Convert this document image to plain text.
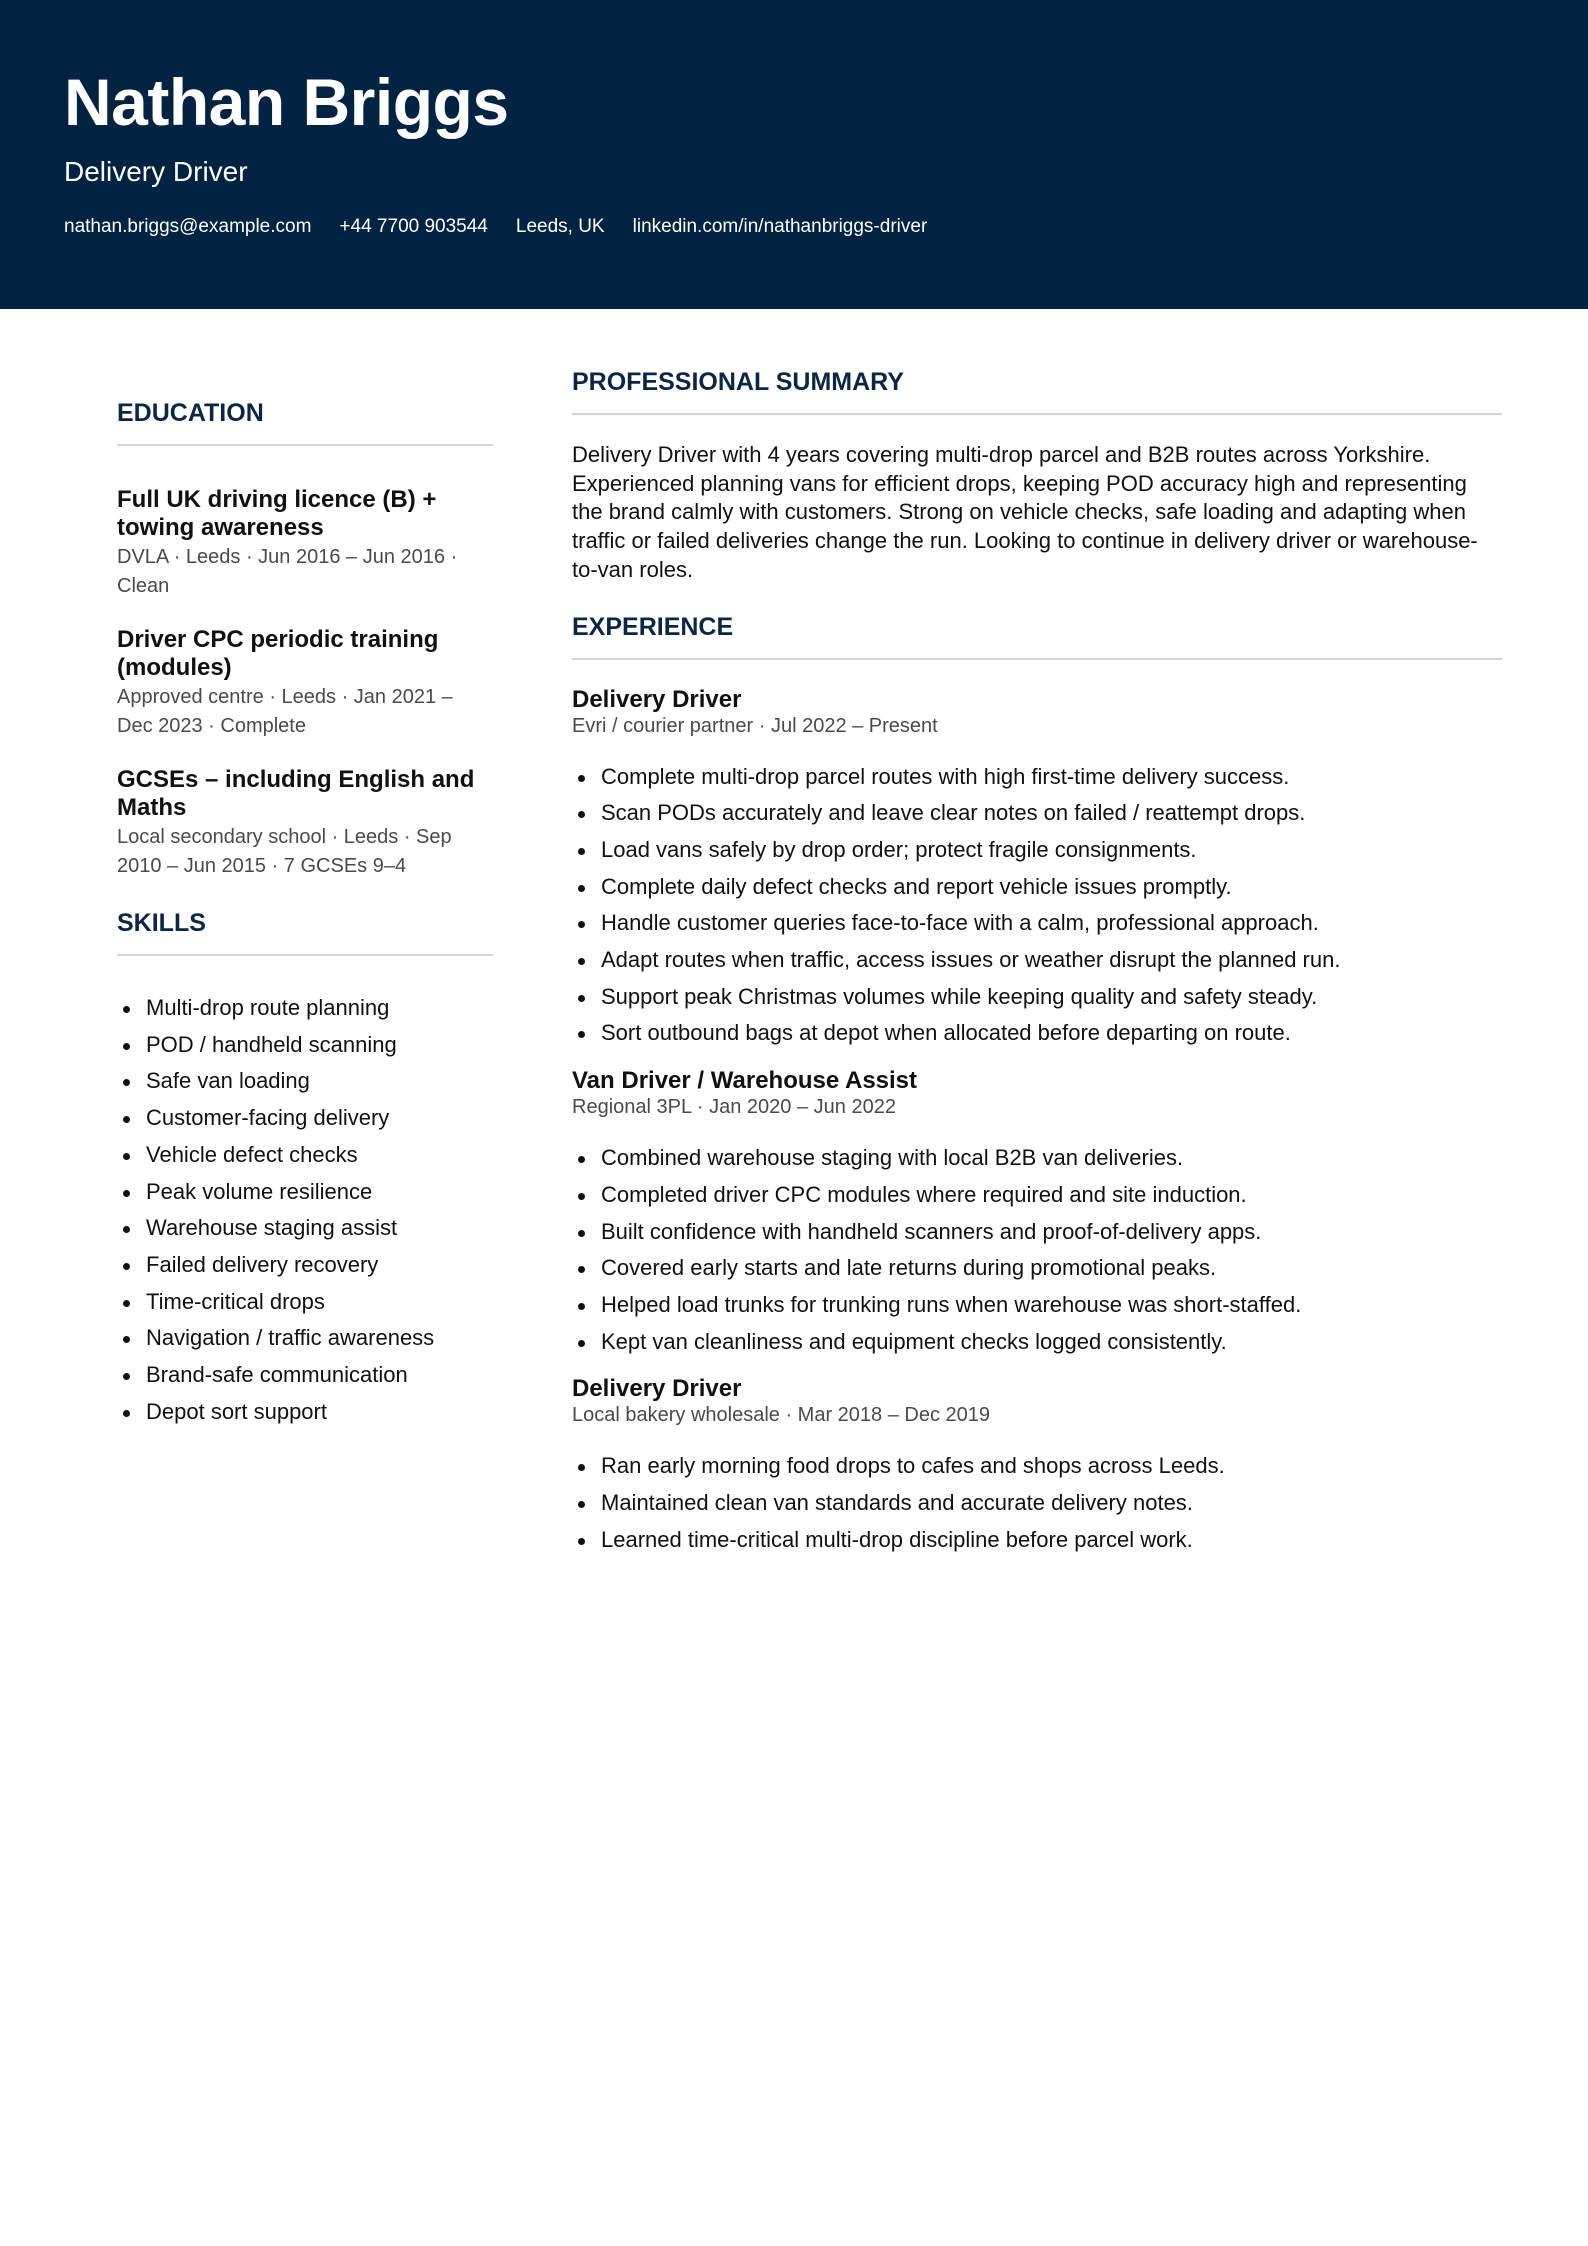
Nathan Briggs
Delivery Driver
nathan.briggs@example.com +44 7700 903544 Leeds, UK linkedin.com/in/nathanbriggs-driver
EDUCATION
Full UK driving licence (B) + towing awareness
DVLA · Leeds · Jun 2016 – Jun 2016 · Clean
Driver CPC periodic training (modules)
Approved centre · Leeds · Jan 2021 – Dec 2023 · Complete
GCSEs – including English and Maths
Local secondary school · Leeds · Sep 2010 – Jun 2015 · 7 GCSEs 9–4
SKILLS
Multi-drop route planning
POD / handheld scanning
Safe van loading
Customer-facing delivery
Vehicle defect checks
Peak volume resilience
Warehouse staging assist
Failed delivery recovery
Time-critical drops
Navigation / traffic awareness
Brand-safe communication
Depot sort support
PROFESSIONAL SUMMARY

Delivery Driver with 4 years covering multi-drop parcel and B2B routes across Yorkshire. Experienced planning vans for efficient drops, keeping POD accuracy high and representing the brand calmly with customers. Strong on vehicle checks, safe loading and adapting when traffic or failed deliveries change the run. Looking to continue in delivery driver or warehouse-to-van roles.

EXPERIENCE
Delivery Driver
Evri / courier partner · Jul 2022 – Present
Complete multi-drop parcel routes with high first-time delivery success.
Scan PODs accurately and leave clear notes on failed / reattempt drops.
Load vans safely by drop order; protect fragile consignments.
Complete daily defect checks and report vehicle issues promptly.
Handle customer queries face-to-face with a calm, professional approach.
Adapt routes when traffic, access issues or weather disrupt the planned run.
Support peak Christmas volumes while keeping quality and safety steady.
Sort outbound bags at depot when allocated before departing on route.
Van Driver / Warehouse Assist
Regional 3PL · Jan 2020 – Jun 2022
Combined warehouse staging with local B2B van deliveries.
Completed driver CPC modules where required and site induction.
Built confidence with handheld scanners and proof-of-delivery apps.
Covered early starts and late returns during promotional peaks.
Helped load trunks for trunking runs when warehouse was short-staffed.
Kept van cleanliness and equipment checks logged consistently.
Delivery Driver
Local bakery wholesale · Mar 2018 – Dec 2019
Ran early morning food drops to cafes and shops across Leeds.
Maintained clean van standards and accurate delivery notes.
Learned time-critical multi-drop discipline before parcel work.
